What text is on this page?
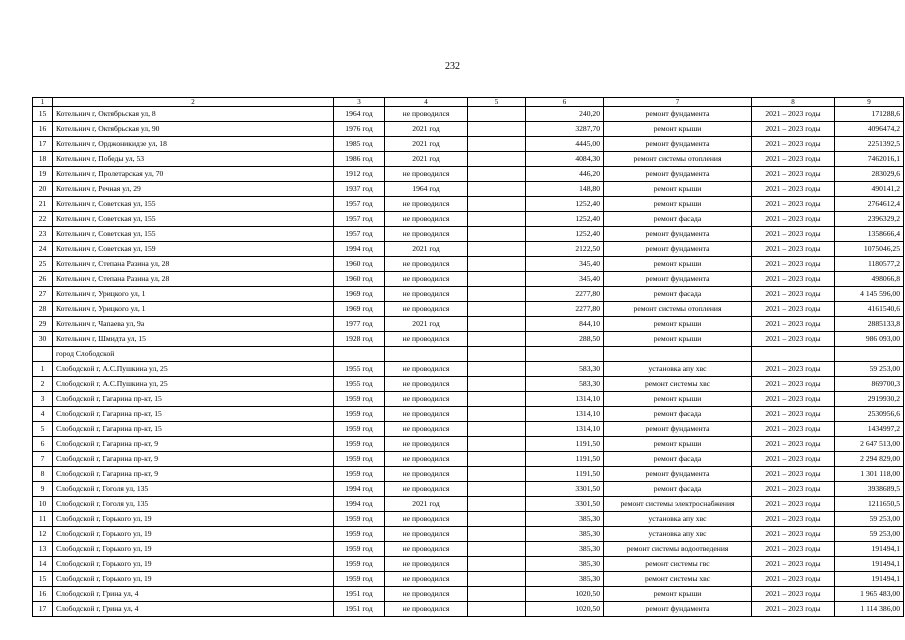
232
1	2	3	4	5	6	7	8	9
15	Котельнич г, Октябрьская ул, 8	1964 год	не проводился		240,20	ремонт фундамента	2021 – 2023 годы	171288,6
16	Котельнич г, Октябрьская ул, 90	1976 год	2021 год		3287,70	ремонт крыши	2021 – 2023 годы	4096474,2
17	Котельнич г, Орджоникидзе ул, 18	1985 год	2021 год		4445,00	ремонт фундамента	2021 – 2023 годы	2251392,5
18	Котельнич г, Победы ул, 53	1986 год	2021 год		4084,30	ремонт системы отопления	2021 – 2023 годы	7462016,1
19	Котельнич г, Пролетарская ул, 70	1912 год	не проводился		446,20	ремонт фундамента	2021 – 2023 годы	283029,6
20	Котельнич г, Речная ул, 29	1937 год	1964 год		148,80	ремонт крыши	2021 – 2023 годы	490141,2
21	Котельнич г, Советская ул, 155	1957 год	не проводился		1252,40	ремонт крыши	2021 – 2023 годы	2764612,4
22	Котельнич г, Советская ул, 155	1957 год	не проводился		1252,40	ремонт фасада	2021 – 2023 годы	2396329,2
23	Котельнич г, Советская ул, 155	1957 год	не проводился		1252,40	ремонт фундамента	2021 – 2023 годы	1358666,4
24	Котельнич г, Советская ул, 159	1994 год	2021 год		2122,50	ремонт фундамента	2021 – 2023 годы	1075046,25
25	Котельнич г, Степана Разина ул, 28	1960 год	не проводился		345,40	ремонт крыши	2021 – 2023 годы	1180577,2
26	Котельнич г, Степана Разина ул, 28	1960 год	не проводился		345,40	ремонт фундамента	2021 – 2023 годы	498066,8
27	Котельнич г, Урицкого ул, 1	1969 год	не проводился		2277,80	ремонт фасада	2021 – 2023 годы	4 145 596,00
28	Котельнич г, Урицкого ул, 1	1969 год	не проводился		2277,80	ремонт системы отопления	2021 – 2023 годы	4161540,6
29	Котельнич г, Чапаева ул, 9а	1977 год	2021 год		844,10	ремонт крыши	2021 – 2023 годы	2885133,8
30	Котельнич г, Шмидта ул, 15	1928 год	не проводился		288,50	ремонт крыши	2021 – 2023 годы	986 093,00
	город Слободской							
1	Слободской г, А.С.Пушкина ул, 25	1955 год	не проводился		583,30	установка апу хвс	2021 – 2023 годы	59 253,00
2	Слободской г, А.С.Пушкина ул, 25	1955 год	не проводился		583,30	ремонт системы хвс	2021 – 2023 годы	869700,3
3	Слободской г, Гагарина пр-кт, 15	1959 год	не проводился		1314,10	ремонт крыши	2021 – 2023 годы	2919930,2
4	Слободской г, Гагарина пр-кт, 15	1959 год	не проводился		1314,10	ремонт фасада	2021 – 2023 годы	2530956,6
5	Слободской г, Гагарина пр-кт, 15	1959 год	не проводился		1314,10	ремонт фундамента	2021 – 2023 годы	1434997,2
6	Слободской г, Гагарина пр-кт, 9	1959 год	не проводился		1191,50	ремонт крыши	2021 – 2023 годы	2 647 513,00
7	Слободской г, Гагарина пр-кт, 9	1959 год	не проводился		1191,50	ремонт фасада	2021 – 2023 годы	2 294 829,00
8	Слободской г, Гагарина пр-кт, 9	1959 год	не проводился		1191,50	ремонт фундамента	2021 – 2023 годы	1 301 118,00
9	Слободской г, Гоголя ул, 135	1994 год	не проводился		3301,50	ремонт фасада	2021 – 2023 годы	3938689,5
10	Слободской г, Гоголя ул, 135	1994 год	2021 год		3301,50	ремонт системы электроснабжения	2021 – 2023 годы	1211650,5
11	Слободской г, Горького ул, 19	1959 год	не проводился		385,30	установка апу хвс	2021 – 2023 годы	59 253,00
12	Слободской г, Горького ул, 19	1959 год	не проводился		385,30	установка апу хвс	2021 – 2023 годы	59 253,00
13	Слободской г, Горького ул, 19	1959 год	не проводился		385,30	ремонт системы водоотведения	2021 – 2023 годы	191494,1
14	Слободской г, Горького ул, 19	1959 год	не проводился		385,30	ремонт системы гвс	2021 – 2023 годы	191494,1
15	Слободской г, Горького ул, 19	1959 год	не проводился		385,30	ремонт системы хвс	2021 – 2023 годы	191494,1
16	Слободской г, Грина ул, 4	1951 год	не проводился		1020,50	ремонт крыши	2021 – 2023 годы	1 965 483,00
17	Слободской г, Грина ул, 4	1951 год	не проводился		1020,50	ремонт фундамента	2021 – 2023 годы	1 114 386,00
